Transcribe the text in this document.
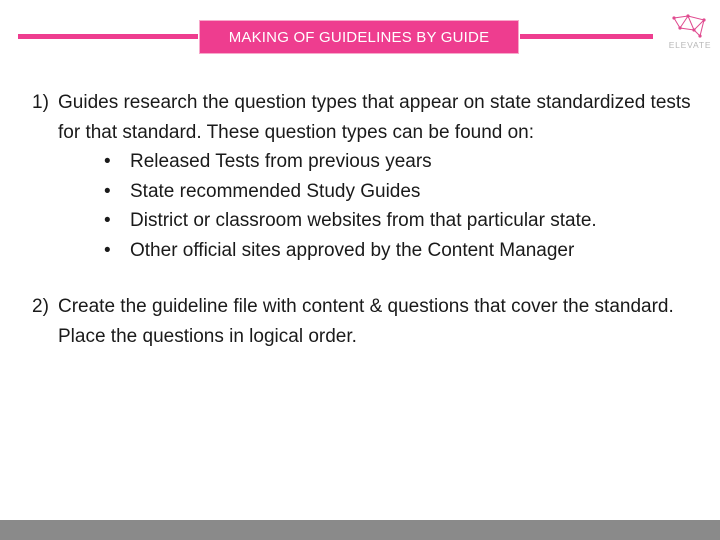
MAKING OF GUIDELINES BY GUIDE	ELEVATE
1) Guides research the question types that appear on state standardized tests for that standard. These question types can be found on:
•	Released Tests from previous years
•	State recommended Study Guides
•	District or classroom websites from that particular state.
•	Other official sites approved by the Content Manager
2) Create the guideline file with content & questions that cover the standard. Place the questions in logical order.
